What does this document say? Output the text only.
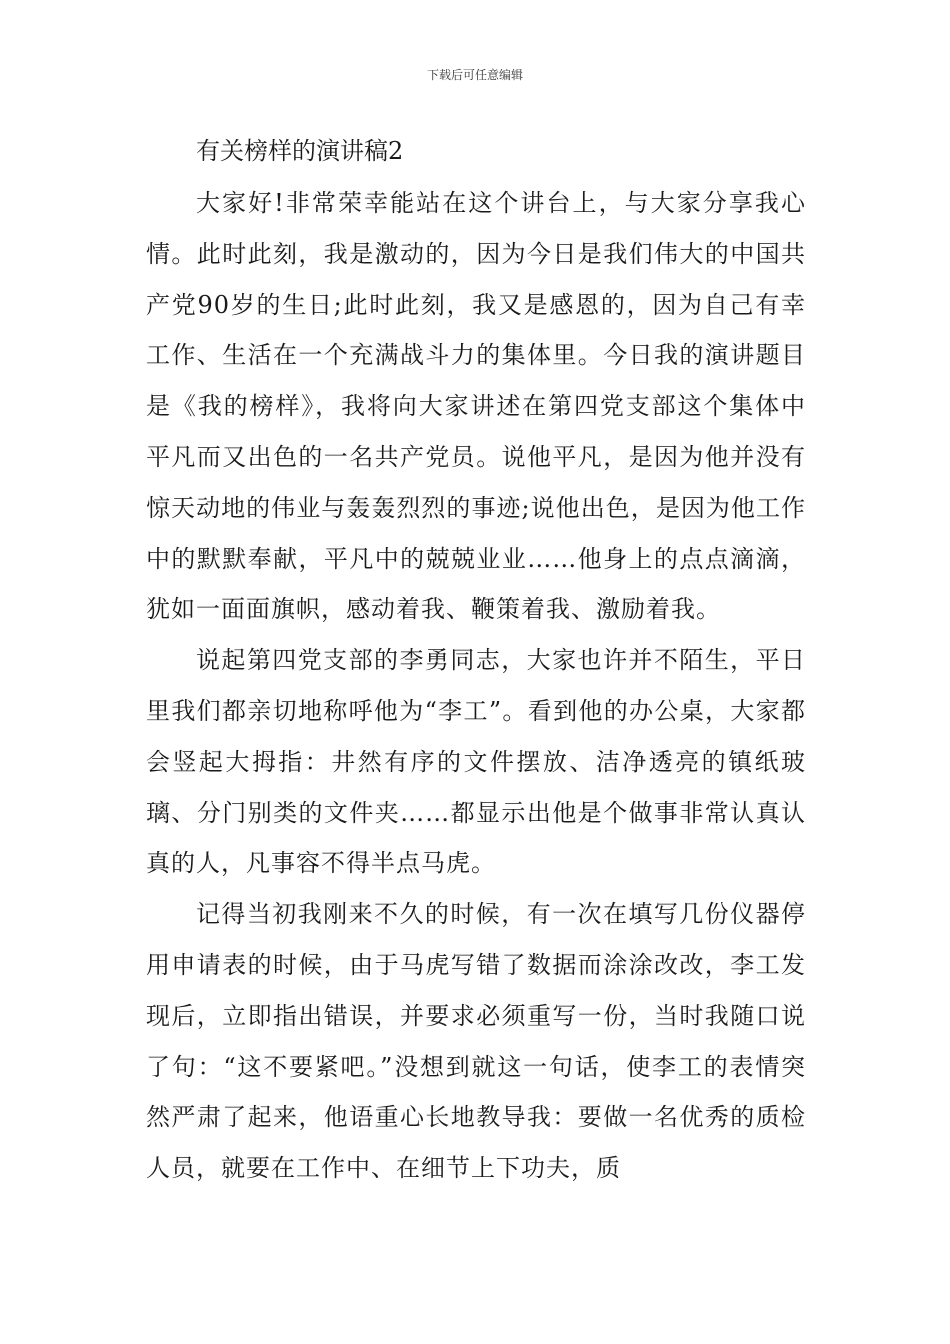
下载后可任意编辑
有关榜样的演讲稿2

大家好!非常荣幸能站在这个讲台上，与大家分享我心情。此时此刻，我是激动的，因为今日是我们伟大的中国共产党90岁的生日;此时此刻，我又是感恩的，因为自己有幸工作、生活在一个充满战斗力的集体里。今日我的演讲题目是《我的榜样》，我将向大家讲述在第四党支部这个集体中平凡而又出色的一名共产党员。说他平凡，是因为他并没有惊天动地的伟业与轰轰烈烈的事迹;说他出色，是因为他工作中的默默奉献，平凡中的兢兢业业……他身上的点点滴滴，犹如一面面旗帜，感动着我、鞭策着我、激励着我。

说起第四党支部的李勇同志，大家也许并不陌生，平日里我们都亲切地称呼他为“李工”。看到他的办公桌，大家都会竖起大拇指：井然有序的文件摆放、洁净透亮的镇纸玻璃、分门别类的文件夹……都显示出他是个做事非常认真认真的人，凡事容不得半点马虎。

记得当初我刚来不久的时候，有一次在填写几份仪器停用申请表的时候，由于马虎写错了数据而涂涂改改，李工发现后，立即指出错误，并要求必须重写一份，当时我随口说了句：“这不要紧吧。”没想到就这一句话，使李工的表情突然严肃了起来，他语重心长地教导我：要做一名优秀的质检人员，就要在工作中、在细节上下功夫，质
